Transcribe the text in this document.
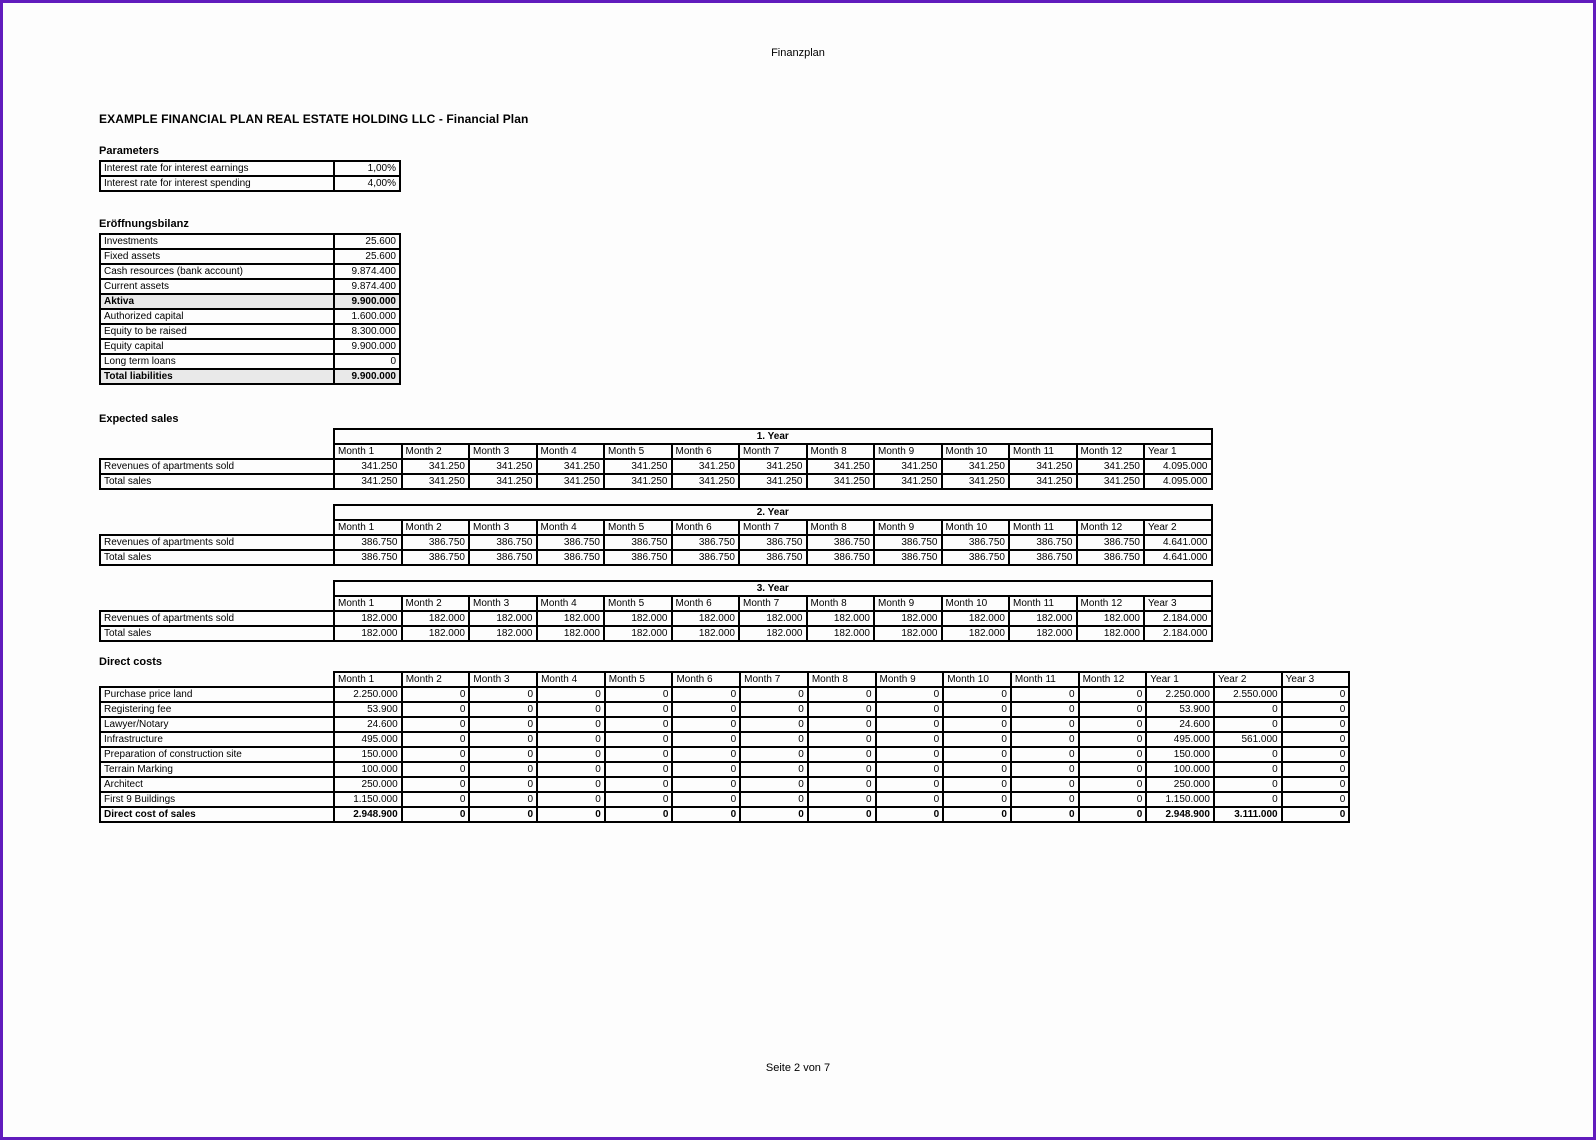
Finanzplan
EXAMPLE FINANCIAL PLAN REAL ESTATE HOLDING LLC - Financial Plan
Parameters
Interest rate for interest earnings	1,00%
Interest rate for interest spending	4,00%
Eröffnungsbilanz
Investments	25.600
Fixed assets	25.600
Cash resources (bank account)	9.874.400
Current assets	9.874.400
Aktiva	9.900.000
Authorized capital	1.600.000
Equity to be raised	8.300.000
Equity capital	9.900.000
Long term loans	0
Total liabilities	9.900.000
Expected sales
	1. Year												
	Month 1	Month 2	Month 3	Month 4	Month 5	Month 6	Month 7	Month 8	Month 9	Month 10	Month 11	Month 12	Year 1
Revenues of apartments sold	341.250	341.250	341.250	341.250	341.250	341.250	341.250	341.250	341.250	341.250	341.250	341.250	4.095.000
Total sales	341.250	341.250	341.250	341.250	341.250	341.250	341.250	341.250	341.250	341.250	341.250	341.250	4.095.000
	2. Year												
	Month 1	Month 2	Month 3	Month 4	Month 5	Month 6	Month 7	Month 8	Month 9	Month 10	Month 11	Month 12	Year 2
Revenues of apartments sold	386.750	386.750	386.750	386.750	386.750	386.750	386.750	386.750	386.750	386.750	386.750	386.750	4.641.000
Total sales	386.750	386.750	386.750	386.750	386.750	386.750	386.750	386.750	386.750	386.750	386.750	386.750	4.641.000
	3. Year												
	Month 1	Month 2	Month 3	Month 4	Month 5	Month 6	Month 7	Month 8	Month 9	Month 10	Month 11	Month 12	Year 3
Revenues of apartments sold	182.000	182.000	182.000	182.000	182.000	182.000	182.000	182.000	182.000	182.000	182.000	182.000	2.184.000
Total sales	182.000	182.000	182.000	182.000	182.000	182.000	182.000	182.000	182.000	182.000	182.000	182.000	2.184.000
Direct costs
	Month 1	Month 2	Month 3	Month 4	Month 5	Month 6	Month 7	Month 8	Month 9	Month 10	Month 11	Month 12	Year 1	Year 2	Year 3
Purchase price land	2.250.000	0	0	0	0	0	0	0	0	0	0	0	2.250.000	2.550.000	0
Registering fee	53.900	0	0	0	0	0	0	0	0	0	0	0	53.900	0	0
Lawyer/Notary	24.600	0	0	0	0	0	0	0	0	0	0	0	24.600	0	0
Infrastructure	495.000	0	0	0	0	0	0	0	0	0	0	0	495.000	561.000	0
Preparation of construction site	150.000	0	0	0	0	0	0	0	0	0	0	0	150.000	0	0
Terrain Marking	100.000	0	0	0	0	0	0	0	0	0	0	0	100.000	0	0
Architect	250.000	0	0	0	0	0	0	0	0	0	0	0	250.000	0	0
First 9 Buildings	1.150.000	0	0	0	0	0	0	0	0	0	0	0	1.150.000	0	0
Direct cost of sales	2.948.900	0	0	0	0	0	0	0	0	0	0	0	2.948.900	3.111.000	0
Seite 2 von 7
